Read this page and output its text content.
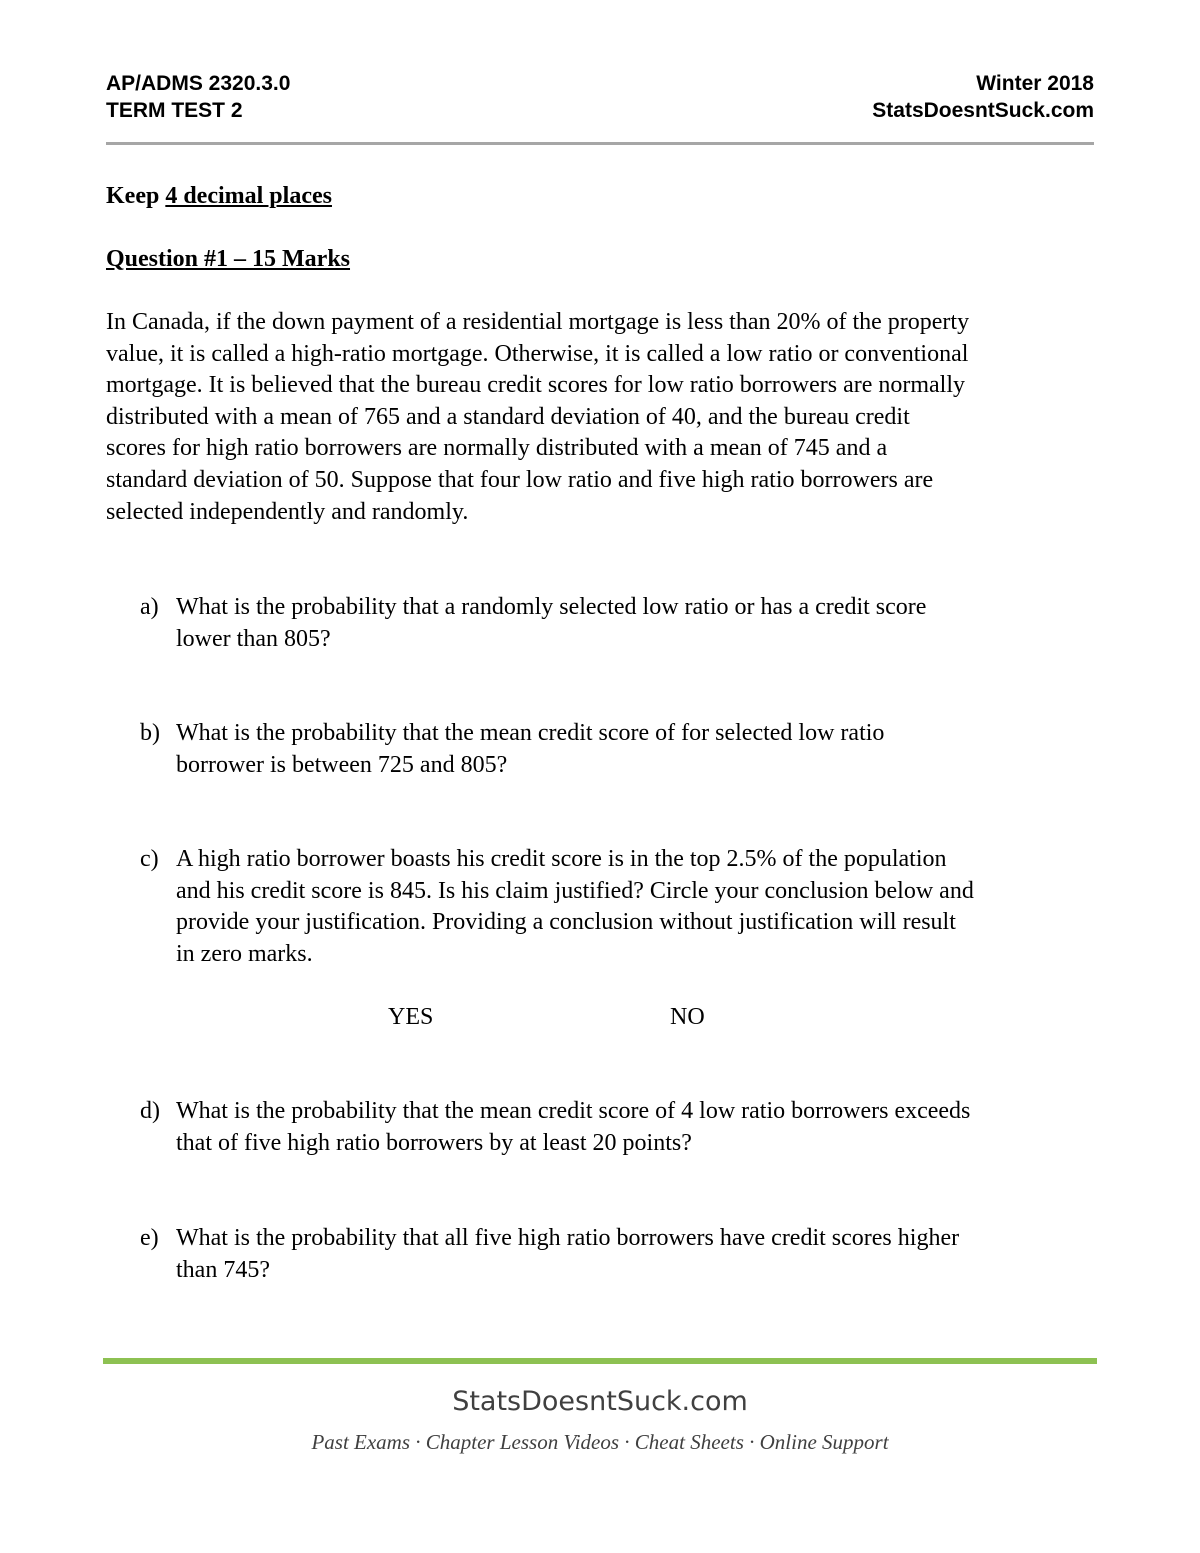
AP/ADMS 2320.3.0
TERM TEST 2
Winter 2018
StatsDoesntSuck.com
Keep 4 decimal places
Question #1 – 15 Marks
In Canada, if the down payment of a residential mortgage is less than 20% of the property
value, it is called a high-ratio mortgage. Otherwise, it is called a low ratio or conventional
mortgage. It is believed that the bureau credit scores for low ratio borrowers are normally
distributed with a mean of 765 and a standard deviation of 40, and the bureau credit
scores for high ratio borrowers are normally distributed with a mean of 745 and a
standard deviation of 50. Suppose that four low ratio and five high ratio borrowers are
selected independently and randomly.
a) What is the probability that a randomly selected low ratio or has a credit score
lower than 805?
b) What is the probability that the mean credit score of for selected low ratio
borrower is between 725 and 805?
c) A high ratio borrower boasts his credit score is in the top 2.5% of the population
and his credit score is 845. Is his claim justified? Circle your conclusion below and
provide your justification. Providing a conclusion without justification will result
in zero marks.
YES	NO
d) What is the probability that the mean credit score of 4 low ratio borrowers exceeds
that of five high ratio borrowers by at least 20 points?
e) What is the probability that all five high ratio borrowers have credit scores higher
than 745?
StatsDoesntSuck.com
Past Exams · Chapter Lesson Videos · Cheat Sheets · Online Support
